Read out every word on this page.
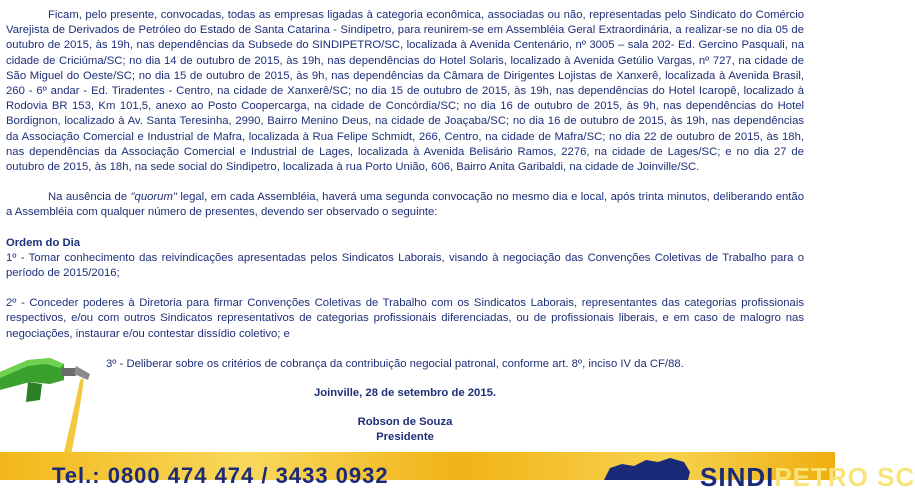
Ficam, pelo presente, convocadas, todas as empresas ligadas à categoria econômica, associadas ou não, representadas pelo Sindicato do Comércio Varejista de Derivados de Petróleo do Estado de Santa Catarina - Sindipetro, para reunirem-se em Assembléia Geral Extraordinária, a realizar-se no dia 05 de outubro de 2015, às 19h, nas dependências da Subsede do SINDIPETRO/SC, localizada à Avenida Centenário, nº 3005 – sala 202- Ed. Gercino Pasquali, na cidade de Criciúma/SC; no dia 14 de outubro de 2015, às 19h, nas dependências do Hotel Solaris, localizado à Avenida Getúlio Vargas, nº 727, na cidade de São Miguel do Oeste/SC; no dia 15 de outubro de 2015, às 9h, nas dependências da Câmara de Dirigentes Lojistas de Xanxerê, localizada à Avenida Brasil, 260 - 6º andar - Ed. Tiradentes - Centro, na cidade de Xanxerê/SC; no dia 15 de outubro de 2015, às 19h, nas dependências do Hotel Icaropê, localizado à Rodovia BR 153, Km 101,5, anexo ao Posto Coopercarga, na cidade de Concórdia/SC; no dia 16 de outubro de 2015, às 9h, nas dependências do Hotel Bordignon, localizado à Av. Santa Teresinha, 2990, Bairro Menino Deus, na cidade de Joaçaba/SC; no dia 16 de outubro de 2015, às 19h, nas dependências da Associação Comercial e Industrial de Mafra, localizada à Rua Felipe Schmidt, 266, Centro, na cidade de Mafra/SC; no dia 22 de outubro de 2015, às 18h, nas dependências da Associação Comercial e Industrial de Lages, localizada à Avenida Belisário Ramos, 2276, na cidade de Lages/SC; e no dia 27 de outubro de 2015, às 18h, na sede social do Sindipetro, localizada à rua Porto União, 606, Bairro Anita Garibaldi, na cidade de Joinville/SC.

Na ausência de "quorum" legal, em cada Assembléia, haverá uma segunda convocação no mesmo dia e local, após trinta minutos, deliberando então a Assembléia com qualquer número de presentes, devendo ser observado o seguinte:

Ordem do Dia

1º - Tomar conhecimento das reivindicações apresentadas pelos Sindicatos Laborais, visando à negociação das Convenções Coletivas de Trabalho para o período de 2015/2016;

2º - Conceder poderes à Diretoria para firmar Convenções Coletivas de Trabalho com os Sindicatos Laborais, representantes das categorias profissionais respectivos, e/ou com outros Sindicatos representativos de categorias profissionais diferenciadas, ou de profissionais liberais, e em caso de malogro nas negociações, instaurar e/ou contestar dissídio coletivo; e

3º - Deliberar sobre os critérios de cobrança da contribuição negocial patronal, conforme art. 8º, inciso IV da CF/88.

Joinville, 28 de setembro de 2015.
Robson de Souza
Presidente
Tel.: 0800 474 474 / 3433 0932	SINDIPETRO SC
